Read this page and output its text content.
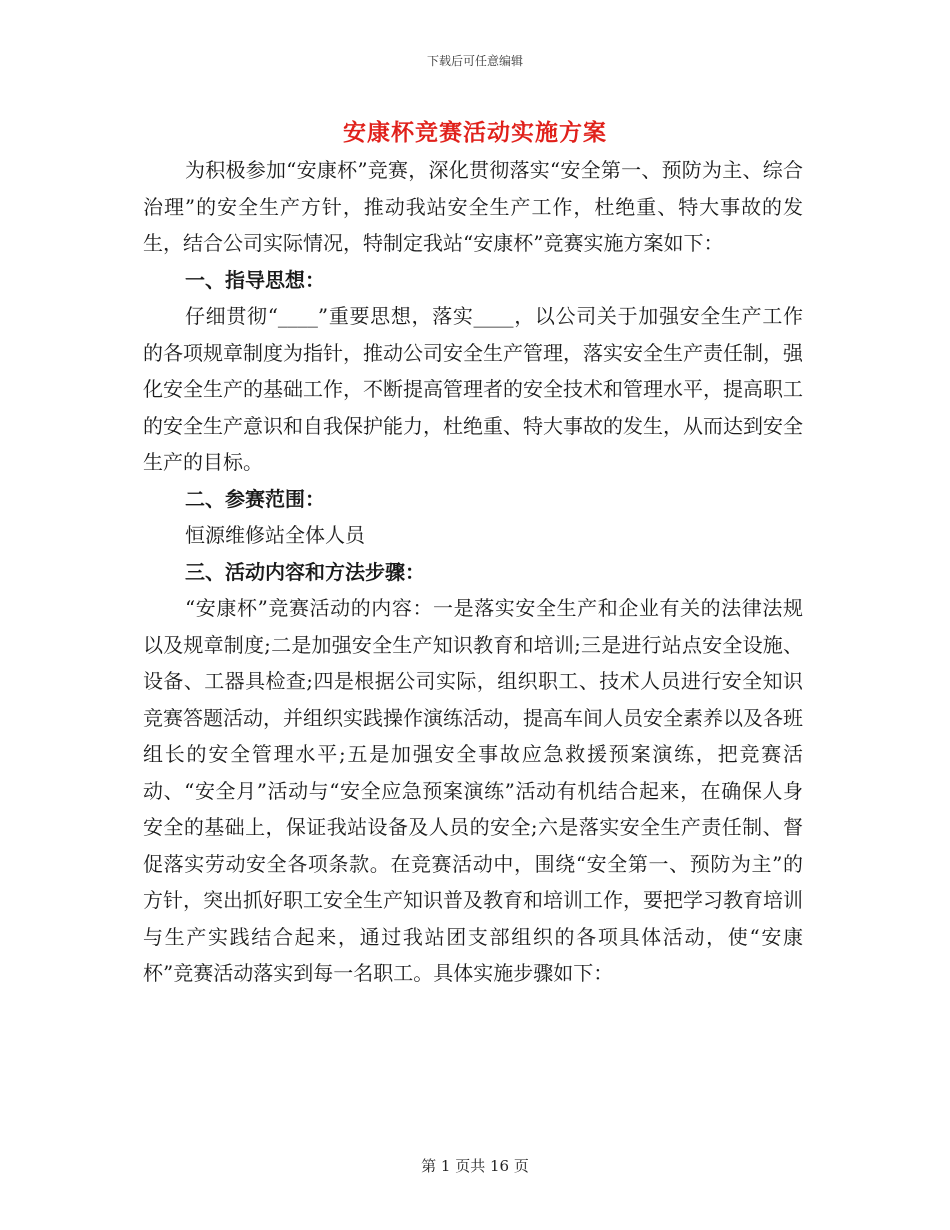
下载后可任意编辑
安康杯竞赛活动实施方案

为积极参加“安康杯”竞赛，深化贯彻落实“安全第一、预防为主、综合治理”的安全生产方针，推动我站安全生产工作，杜绝重、特大事故的发生，结合公司实际情况，特制定我站“安康杯”竞赛实施方案如下：

一、指导思想：

仔细贯彻“____”重要思想，落实____，以公司关于加强安全生产工作的各项规章制度为指针，推动公司安全生产管理，落实安全生产责任制，强化安全生产的基础工作，不断提高管理者的安全技术和管理水平，提高职工的安全生产意识和自我保护能力，杜绝重、特大事故的发生，从而达到安全生产的目标。

二、参赛范围：

恒源维修站全体人员

三、活动内容和方法步骤：

“安康杯”竞赛活动的内容：一是落实安全生产和企业有关的法律法规以及规章制度;二是加强安全生产知识教育和培训;三是进行站点安全设施、设备、工器具检查;四是根据公司实际，组织职工、技术人员进行安全知识竞赛答题活动，并组织实践操作演练活动，提高车间人员安全素养以及各班组长的安全管理水平;五是加强安全事故应急救援预案演练，把竞赛活动、“安全月”活动与“安全应急预案演练”活动有机结合起来，在确保人身安全的基础上，保证我站设备及人员的安全;六是落实安全生产责任制、督促落实劳动安全各项条款。在竞赛活动中，围绕“安全第一、预防为主”的方针，突出抓好职工安全生产知识普及教育和培训工作，要把学习教育培训与生产实践结合起来，通过我站团支部组织的各项具体活动，使“安康杯”竞赛活动落实到每一名职工。具体实施步骤如下：

第 1 页共 16 页
